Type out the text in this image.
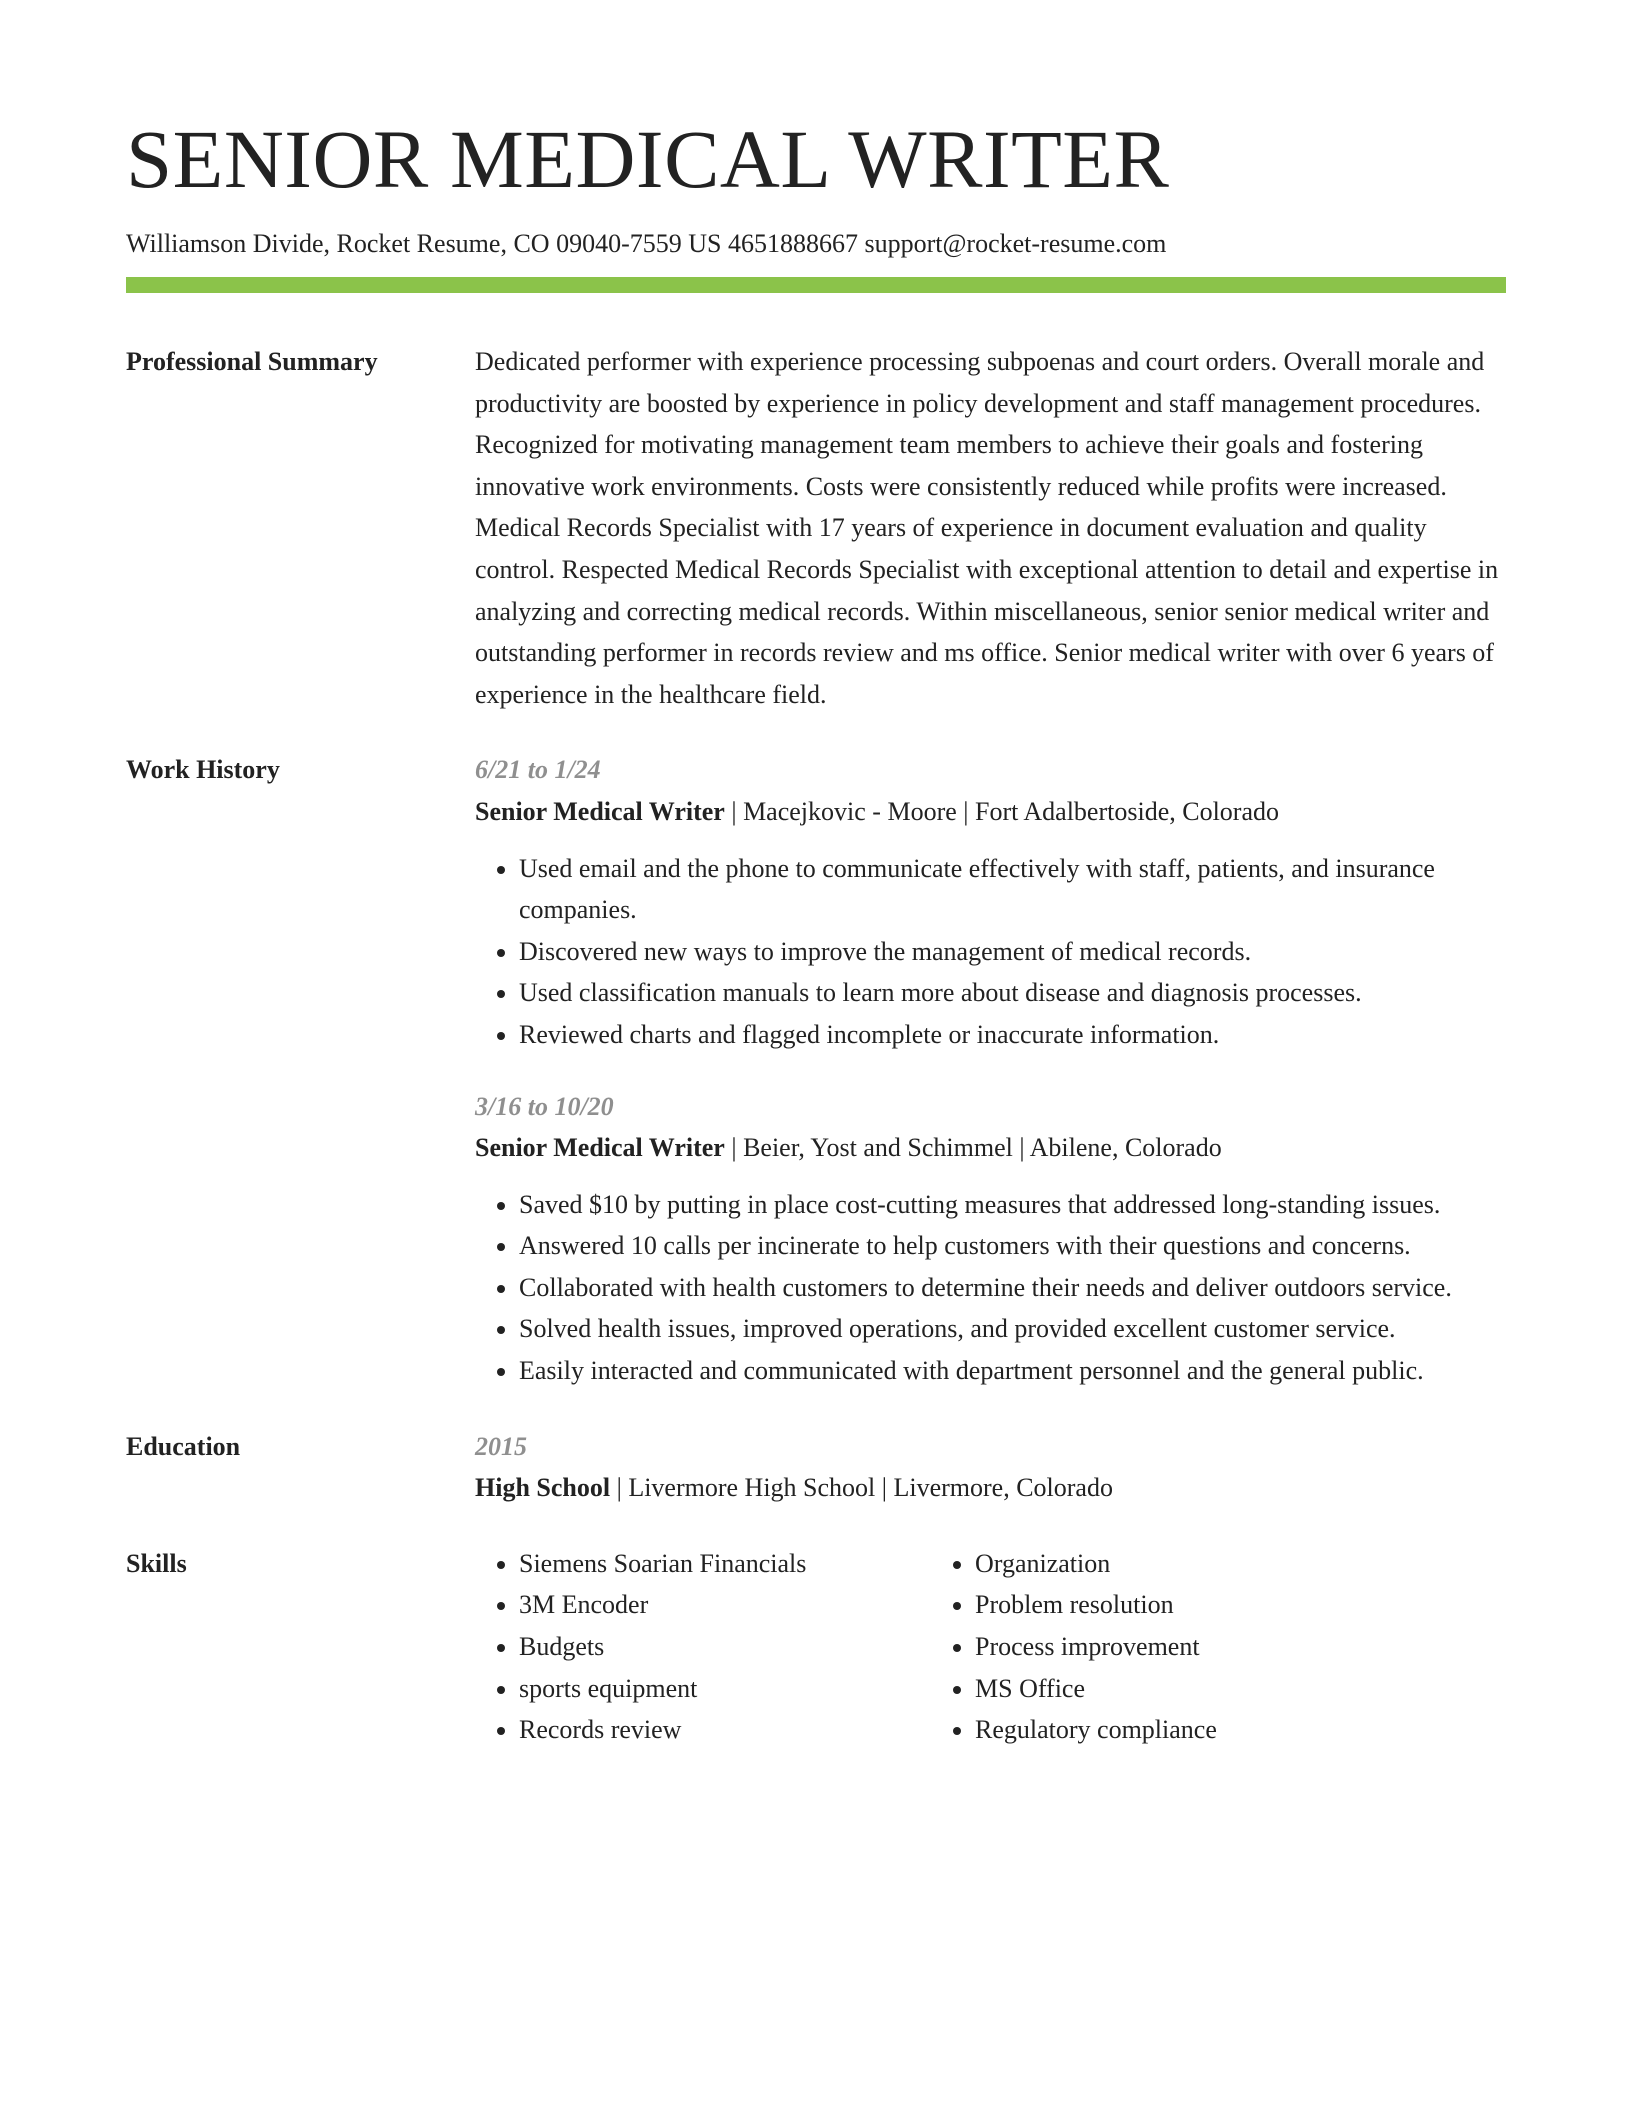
SENIOR MEDICAL WRITER
Williamson Divide, Rocket Resume, CO 09040-7559 US 4651888667 support@rocket-resume.com
Professional Summary	Dedicated performer with experience processing subpoenas and court orders. Overall morale and productivity are boosted by experience in policy development and staff management procedures. Recognized for motivating management team members to achieve their goals and fostering innovative work environments. Costs were consistently reduced while profits were increased. Medical Records Specialist with 17 years of experience in document evaluation and quality control. Respected Medical Records Specialist with exceptional attention to detail and expertise in analyzing and correcting medical records. Within miscellaneous, senior senior medical writer and outstanding performer in records review and ms office. Senior medical writer with over 6 years of experience in the healthcare field.

Work History	6/21 to 1/24
Senior Medical Writer | Macejkovic - Moore | Fort Adalbertoside, Colorado
• Used email and the phone to communicate effectively with staff, patients, and insurance companies.
• Discovered new ways to improve the management of medical records.
• Used classification manuals to learn more about disease and diagnosis processes.
• Reviewed charts and flagged incomplete or inaccurate information.
3/16 to 10/20
Senior Medical Writer | Beier, Yost and Schimmel | Abilene, Colorado
• Saved $10 by putting in place cost-cutting measures that addressed long-standing issues.
• Answered 10 calls per incinerate to help customers with their questions and concerns.
• Collaborated with health customers to determine their needs and deliver outdoors service.
• Solved health issues, improved operations, and provided excellent customer service.
• Easily interacted and communicated with department personnel and the general public.
Education	2015
High School | Livermore High School | Livermore, Colorado
Skills	• Siemens Soarian Financials
• 3M Encoder
• Budgets
• sports equipment
• Records review
• Organization
• Problem resolution
• Process improvement
• MS Office
• Regulatory compliance
